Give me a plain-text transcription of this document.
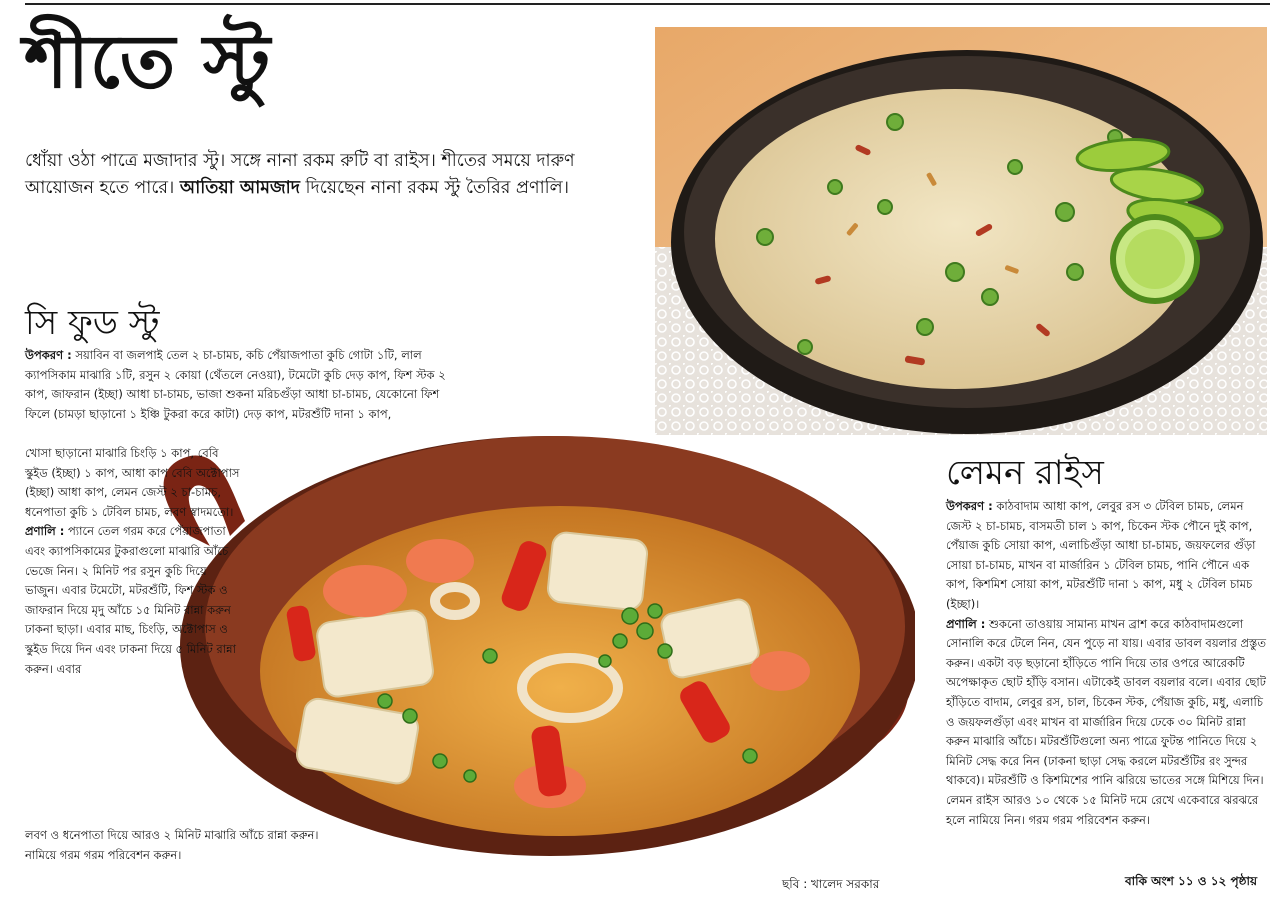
শীতে স্টু
ধোঁয়া ওঠা পাত্রে মজাদার স্টু। সঙ্গে নানা রকম রুটি বা রাইস। শীতের সময়ে দারুণ আয়োজন হতে পারে। আতিয়া আমজাদ দিয়েছেন নানা রকম স্টু তৈরির প্রণালি।
সি ফুড স্টু
উপকরণ : সয়াবিন বা জলপাই তেল ২ চা-চামচ, কচি পেঁয়াজপাতা কুচি গোটা ১টি, লাল ক্যাপসিকাম মাঝারি ১টি, রসুন ২ কোয়া (থেঁতলে নেওয়া), টমেটো কুচি দেড় কাপ, ফিশ স্টক ২ কাপ, জাফরান (ইচ্ছা) আধা চা-চামচ, ভাজা শুকনা মরিচগুঁড়া আধা চা-চামচ, যেকোনো ফিশ ফিলে (চামড়া ছাড়ানো ১ ইঞ্চি টুকরা করে কাটা) দেড় কাপ, মটরশুঁটি দানা ১ কাপ,
খোসা ছাড়ানো মাঝারি চিংড়ি ১ কাপ, বেবি স্কুইড (ইচ্ছা) ১ কাপ, আধা কাপ বেবি অক্টোপাস (ইচ্ছা) আধা কাপ, লেমন জেস্ট ২ চা-চামচ, ধনেপাতা কুচি ১ টেবিল চামচ, লবণ স্বাদমতো।
প্রণালি : প্যানে তেল গরম করে পেঁয়াজপাতা এবং ক্যাপসিকামের টুকরাগুলো মাঝারি আঁচে ভেজে নিন। ২ মিনিট পর রসুন কুচি দিয়ে ভাজুন। এবার টমেটো, মটরশুঁটি, ফিশ স্টক ও জাফরান দিয়ে মৃদু আঁচে ১৫ মিনিট রান্না করুন ঢাকনা ছাড়া। এবার মাছ, চিংড়ি, অক্টোপাস ও স্কুইড দিয়ে দিন এবং ঢাকনা দিয়ে ৫ মিনিট রান্না করুন। এবার
লবণ ও ধনেপাতা দিয়ে আরও ২ মিনিট মাঝারি আঁচে রান্না করুন। নামিয়ে গরম গরম পরিবেশন করুন।
লেমন রাইস
উপকরণ : কাঠবাদাম আধা কাপ, লেবুর রস ৩ টেবিল চামচ, লেমন জেস্ট ২ চা-চামচ, বাসমতী চাল ১ কাপ, চিকেন স্টক পৌনে দুই কাপ, পেঁয়াজ কুচি সোয়া কাপ, এলাচিগুঁড়া আধা চা-চামচ, জয়ফলের গুঁড়া সোয়া চা-চামচ, মাখন বা মার্জারিন ১ টেবিল চামচ, পানি পৌনে এক কাপ, কিশমিশ সোয়া কাপ, মটরশুঁটি দানা ১ কাপ, মধু ২ টেবিল চামচ (ইচ্ছা)।
প্রণালি : শুকনো তাওয়ায় সামান্য মাখন ব্রাশ করে কাঠবাদামগুলো সোনালি করে টেলে নিন, যেন পুড়ে না যায়। এবার ডাবল বয়লার প্রস্তুত করুন। একটা বড় ছড়ানো হাঁড়িতে পানি দিয়ে তার ওপরে আরেকটি অপেক্ষাকৃত ছোট হাঁড়ি বসান। এটাকেই ডাবল বয়লার বলে। এবার ছোট হাঁড়িতে বাদাম, লেবুর রস, চাল, চিকেন স্টক, পেঁয়াজ কুচি, মধু, এলাচি ও জয়ফলগুঁড়া এবং মাখন বা মার্জারিন দিয়ে ঢেকে ৩০ মিনিট রান্না করুন মাঝারি আঁচে। মটরশুঁটিগুলো অন্য পাত্রে ফুটন্ত পানিতে দিয়ে ২ মিনিট সেদ্ধ করে নিন (ঢাকনা ছাড়া সেদ্ধ করলে মটরশুঁটির রং সুন্দর থাকবে)। মটরশুঁটি ও কিশমিশের পানি ঝরিয়ে ভাতের সঙ্গে মিশিয়ে দিন। লেমন রাইস আরও ১০ থেকে ১৫ মিনিট দমে রেখে একেবারে ঝরঝরে হলে নামিয়ে নিন। গরম গরম পরিবেশন করুন।
ছবি : খালেদ সরকার	বাকি অংশ ১১ ও ১২ পৃষ্ঠায়
